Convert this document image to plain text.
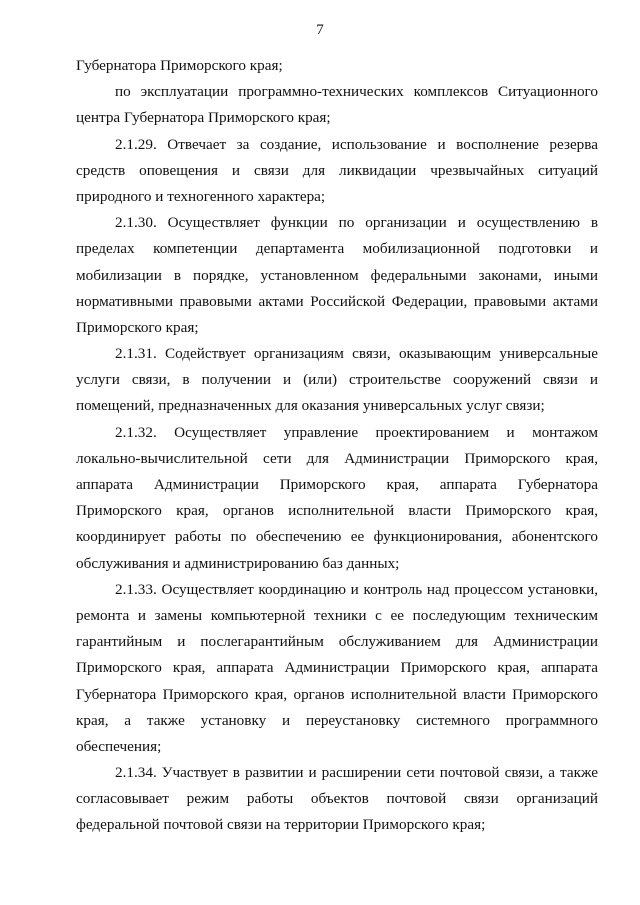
7
Губернатора Приморского края;
по эксплуатации программно-технических комплексов Ситуационного
центра Губернатора Приморского края;
2.1.29. Отвечает за создание, использование и восполнение резерва
средств оповещения и связи для ликвидации чрезвычайных ситуаций
природного и техногенного характера;
2.1.30. Осуществляет функции по организации и осуществлению в
пределах компетенции департамента мобилизационной подготовки и
мобилизации в порядке, установленном федеральными законами, иными
нормативными правовыми актами Российской Федерации, правовыми актами
Приморского края;
2.1.31. Содействует организациям связи, оказывающим универсальные
услуги связи, в получении и (или) строительстве сооружений связи и
помещений, предназначенных для оказания универсальных услуг связи;
2.1.32. Осуществляет управление проектированием и монтажом
локально-вычислительной сети для Администрации Приморского края,
аппарата Администрации Приморского края, аппарата Губернатора
Приморского края, органов исполнительной власти Приморского края,
координирует работы по обеспечению ее функционирования, абонентского
обслуживания и администрированию баз данных;
2.1.33. Осуществляет координацию и контроль над процессом установки,
ремонта и замены компьютерной техники с ее последующим техническим
гарантийным и послегарантийным обслуживанием для Администрации
Приморского края, аппарата Администрации Приморского края, аппарата
Губернатора Приморского края, органов исполнительной власти Приморского
края, а также установку и переустановку системного программного
обеспечения;
2.1.34. Участвует в развитии и расширении сети почтовой связи, а также
согласовывает режим работы объектов почтовой связи организаций
федеральной почтовой связи на территории Приморского края;
